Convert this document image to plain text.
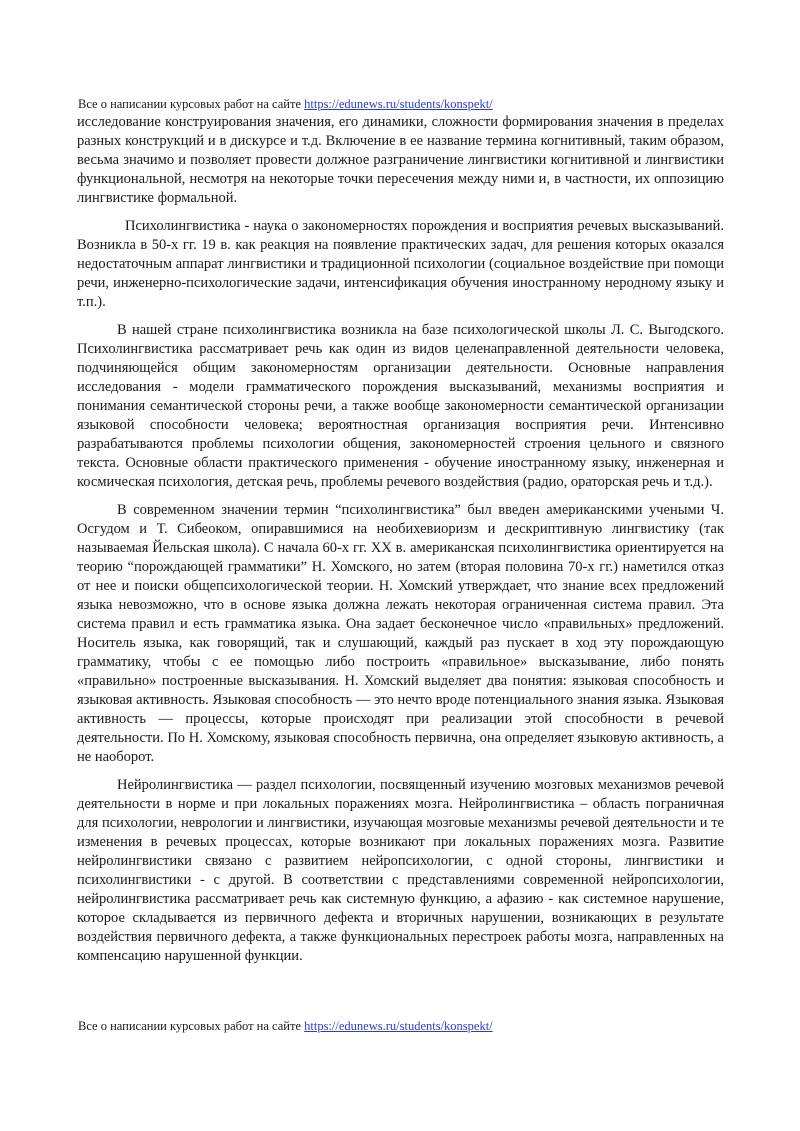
Все о написании курсовых работ на сайте https://edunews.ru/students/konspekt/

исследование конструирования значения, его динамики, сложности формирования значения в пределах разных конструкций и в дискурсе и т.д. Включение в ее название термина когнитивный, таким образом, весьма значимо и позволяет провести должное разграничение лингвистики когнитивной и лингвистики функциональной, несмотря на некоторые точки пересечения между ними и, в частности, их оппозицию лингвистике формальной.

Психолингвистика - наука о закономерностях порождения и восприятия речевых высказываний. Возникла в 50-х гг. 19 в. как реакция на появление практических задач, для решения которых оказался недостаточным аппарат лингвистики и традиционной психологии (социальное воздействие при помощи речи, инженерно-психологические задачи, интенсификация обучения иностранному неродному языку и т.п.).

В нашей стране психолингвистика возникла на базе психологической школы Л. С. Выгодского. Психолингвистика рассматривает речь как один из видов целенаправленной деятельности человека, подчиняющейся общим закономерностям организации деятельности. Основные направления исследования - модели грамматического порождения высказываний, механизмы восприятия и понимания семантической стороны речи, а также вообще закономерности семантической организации языковой способности человека; вероятностная организация восприятия речи. Интенсивно разрабатываются проблемы психологии общения, закономерностей строения цельного и связного текста. Основные области практического применения - обучение иностранному языку, инженерная и космическая психология, детская речь, проблемы речевого воздействия (радио, ораторская речь и т.д.).

В современном значении термин “психолингвистика” был введен американскими учеными Ч. Осгудом и Т. Сибеоком, опиравшимися на необихевиоризм и дескриптивную лингвистику (так называемая Йельская школа). С начала 60-х гг. XX в. американская психолингвистика ориентируется на теорию “порождающей грамматики” Н. Хомского, но затем (вторая половина 70-х гг.) наметился отказ от нее и поиски общепсихологической теории. Н. Хомский утверждает, что знание всех предложений языка невозможно, что в основе языка должна лежать некоторая ограниченная система правил. Эта система правил и есть грамматика языка. Она задает бесконечное число «правильных» предложений. Носитель языка, как говорящий, так и слушающий, каждый раз пускает в ход эту порождающую грамматику, чтобы с ее помощью либо построить «правильное» высказывание, либо понять «правильно» построенные высказывания. Н. Хомский выделяет два понятия: языковая способность и языковая активность. Языковая способность — это нечто вроде потенциального знания языка. Языковая активность — процессы, которые происходят при реализации этой способности в речевой деятельности. По Н. Хомскому, языковая способность первична, она определяет языковую активность, а не наоборот.

Нейролингвистика — раздел психологии, посвященный изучению мозговых механизмов речевой деятельности в норме и при локальных поражениях мозга. Нейролингвистика – область пограничная для психологии, неврологии и лингвистики, изучающая мозговые механизмы речевой деятельности и те изменения в речевых процессах, которые возникают при локальных поражениях мозга. Развитие нейролингвистики связано с развитием нейропсихологии, с одной стороны, лингвистики и психолингвистики - с другой. В соответствии с представлениями современной нейропсихологии, нейролингвистика рассматривает речь как системную функцию, а афазию - как системное нарушение, которое складывается из первичного дефекта и вторичных нарушении, возникающих в результате воздействия первичного дефекта, а также функциональных перестроек работы мозга, направленных на компенсацию нарушенной функции.

Все о написании курсовых работ на сайте https://edunews.ru/students/konspekt/
